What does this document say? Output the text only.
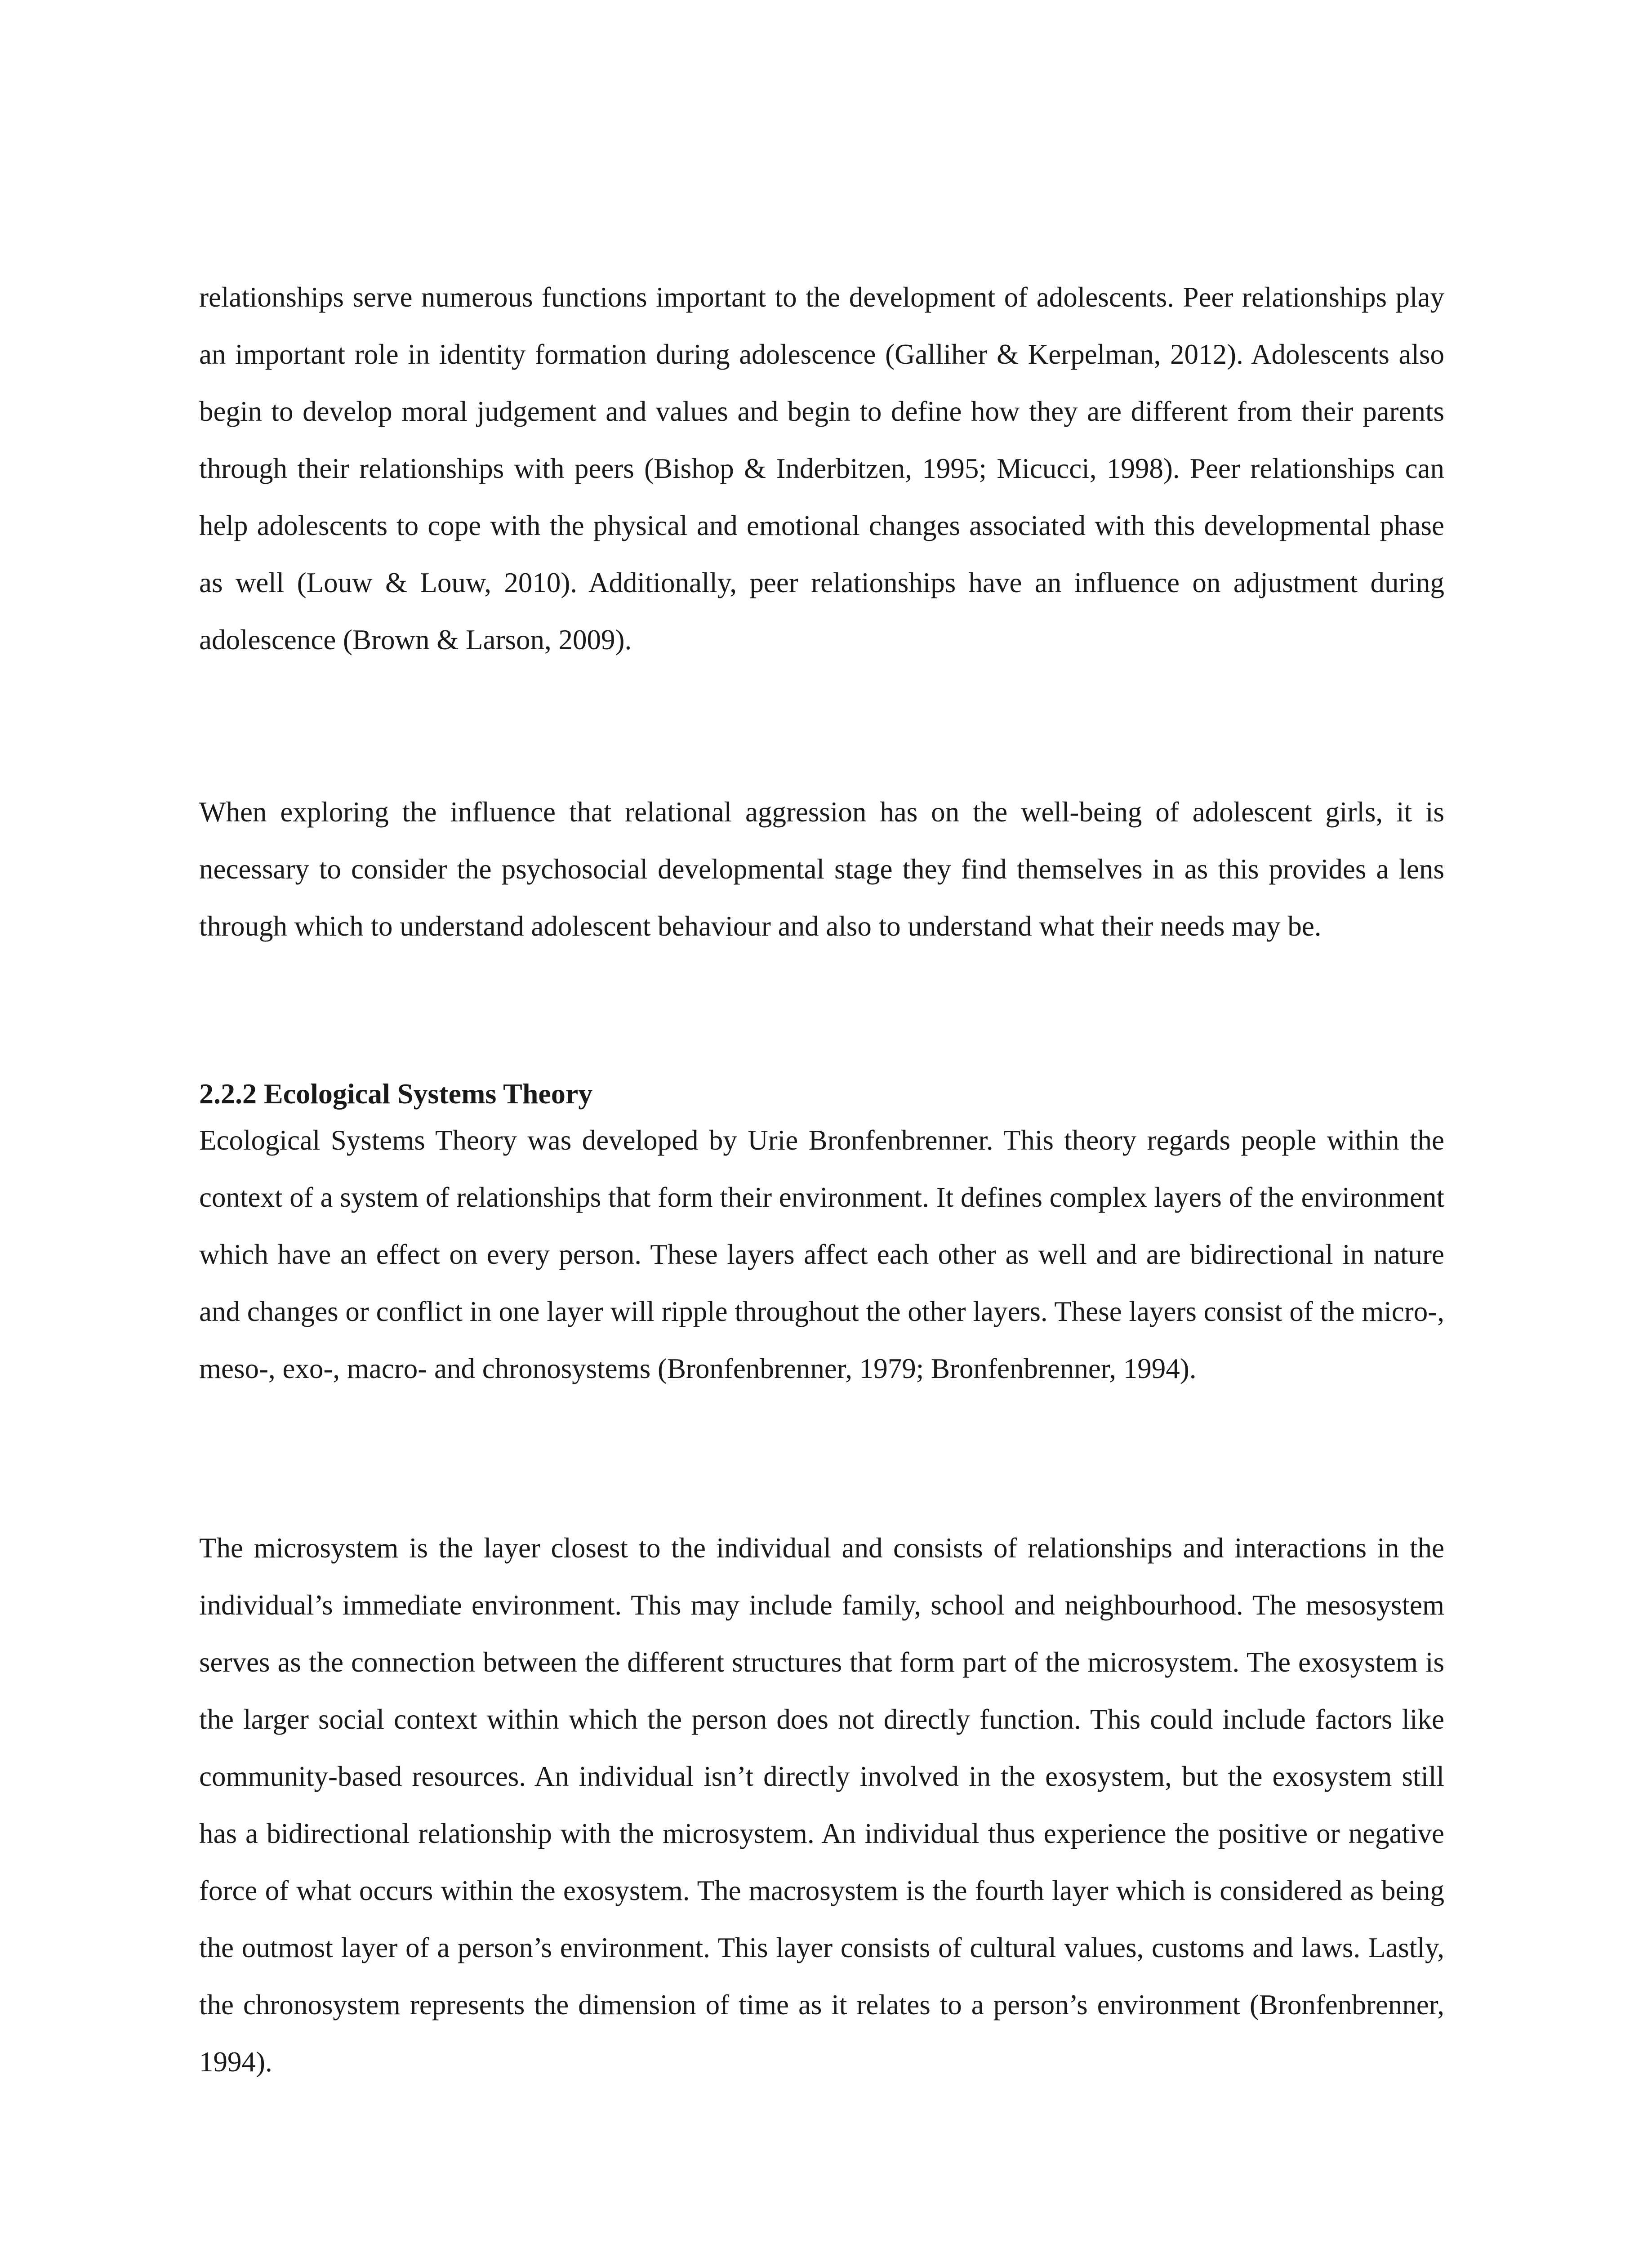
relationships serve numerous functions important to the development of adolescents. Peer relationships play an important role in identity formation during adolescence (Galliher & Kerpelman, 2012). Adolescents also begin to develop moral judgement and values and begin to define how they are different from their parents through their relationships with peers (Bishop & Inderbitzen, 1995; Micucci, 1998). Peer relationships can help adolescents to cope with the physical and emotional changes associated with this developmental phase as well (Louw & Louw, 2010). Additionally, peer relationships have an influence on adjustment during adolescence (Brown & Larson, 2009).

When exploring the influence that relational aggression has on the well-being of adolescent girls, it is necessary to consider the psychosocial developmental stage they find themselves in as this provides a lens through which to understand adolescent behaviour and also to understand what their needs may be.

2.2.2 Ecological Systems Theory

Ecological Systems Theory was developed by Urie Bronfenbrenner. This theory regards people within the context of a system of relationships that form their environment. It defines complex layers of the environment which have an effect on every person. These layers affect each other as well and are bidirectional in nature and changes or conflict in one layer will ripple throughout the other layers. These layers consist of the micro-, meso-, exo-, macro- and chronosystems (Bronfenbrenner, 1979; Bronfenbrenner, 1994).

The microsystem is the layer closest to the individual and consists of relationships and interactions in the individual’s immediate environment. This may include family, school and neighbourhood. The mesosystem serves as the connection between the different structures that form part of the microsystem. The exosystem is the larger social context within which the person does not directly function. This could include factors like community-based resources. An individual isn’t directly involved in the exosystem, but the exosystem still has a bidirectional relationship with the microsystem. An individual thus experience the positive or negative force of what occurs within the exosystem. The macrosystem is the fourth layer which is considered as being the outmost layer of a person’s environment. This layer consists of cultural values, customs and laws. Lastly, the chronosystem represents the dimension of time as it relates to a person’s environment (Bronfenbrenner, 1994).
